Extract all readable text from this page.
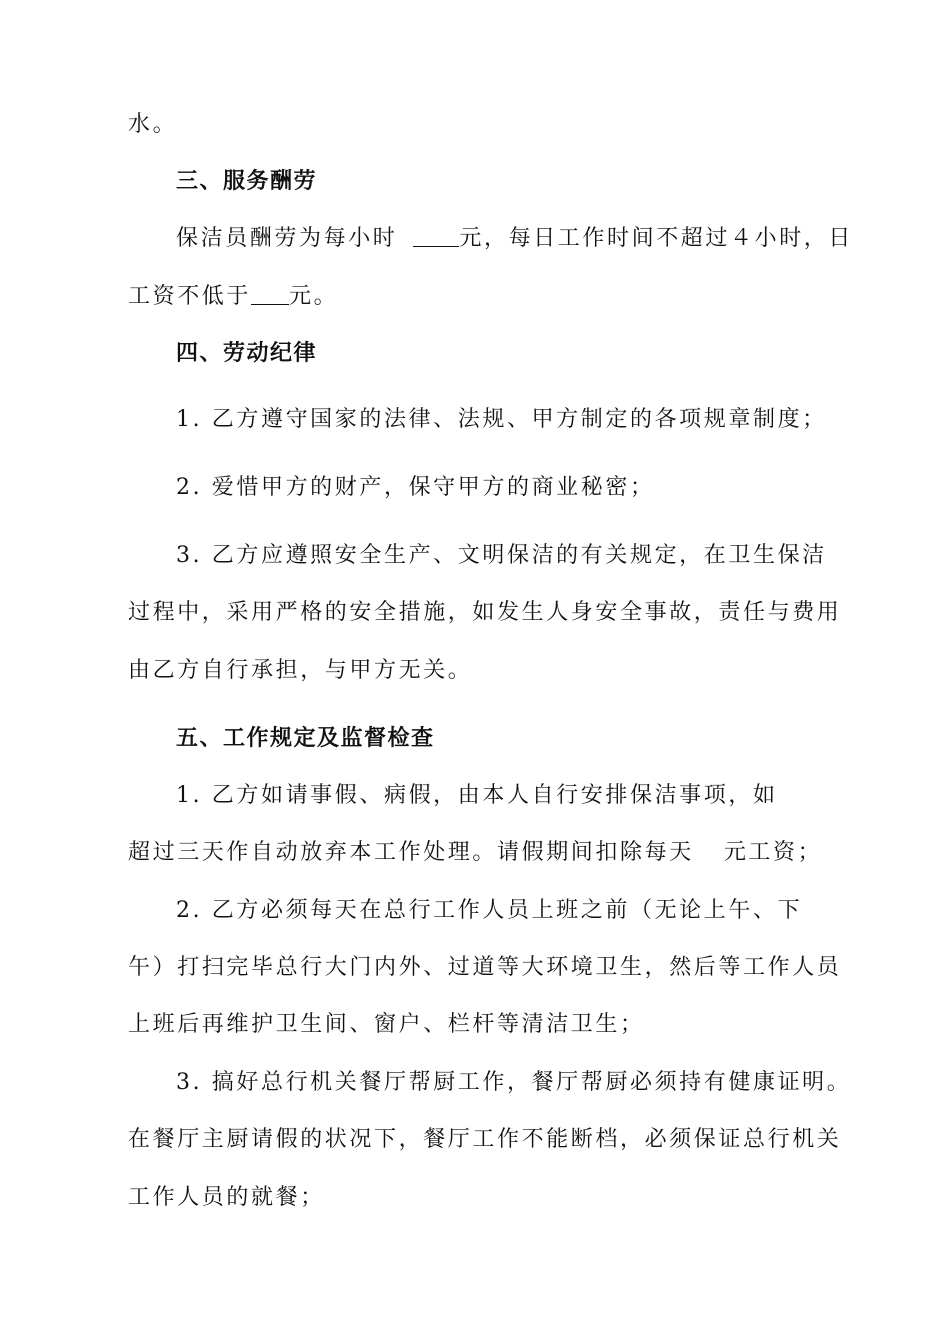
水。
三、服务酬劳
保洁员酬劳为每小时	元，每日工作时间不超过４小时，日
工资不低于 元。
四、劳动纪律
1. 乙方遵守国家的法律、法规、甲方制定的各项规章制度；
2. 爱惜甲方的财产，保守甲方的商业秘密；
3. 乙方应遵照安全生产、文明保洁的有关规定，在卫生保洁
过程中，采用严格的安全措施，如发生人身安全事故，责任与费用
由乙方自行承担，与甲方无关。
五、工作规定及监督检查
1. 乙方如请事假、病假，由本人自行安排保洁事项，如
超过三天作自动放弃本工作处理。请假期间扣除每天 元工资；
2. 乙方必须每天在总行工作人员上班之前（无论上午、下
午）打扫完毕总行大门内外、过道等大环境卫生，然后等工作人员
上班后再维护卫生间、窗户、栏杆等清洁卫生；
3. 搞好总行机关餐厅帮厨工作，餐厅帮厨必须持有健康证明。
在餐厅主厨请假的状况下，餐厅工作不能断档，必须保证总行机关
工作人员的就餐；
